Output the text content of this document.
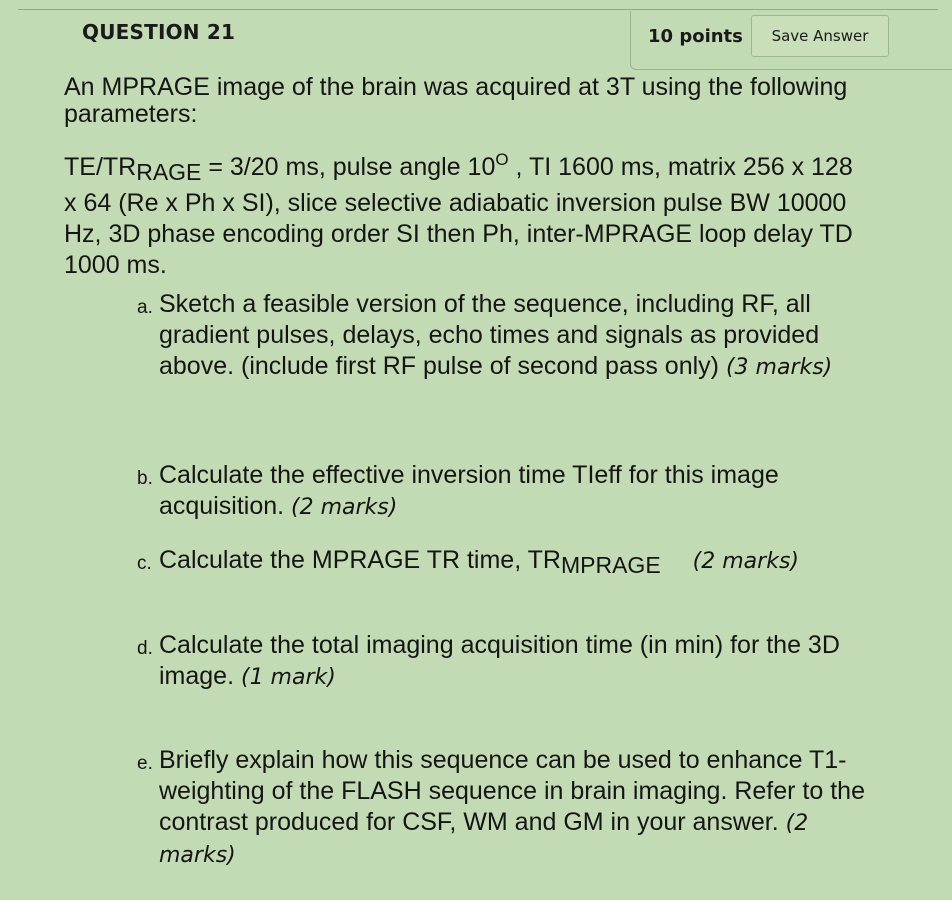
QUESTION 21	10 points	Save Answer
An MPRAGE image of the brain was acquired at 3T using the following parameters:
TE/TRRAGE = 3/20 ms, pulse angle $10^O$ , TI 1600 ms, matrix 256 x 128 x 64 (Re x Ph x SI), slice selective adiabatic inversion pulse BW 10000 Hz, 3D phase encoding order SI then Ph, inter-MPRAGE loop delay TD 1000 ms.
a. Sketch a feasible version of the sequence, including RF, all gradient pulses, delays, echo times and signals as provided above. (include first RF pulse of second pass only) (3 marks)
b. Calculate the effective inversion time TIeff for this image acquisition. (2 marks)
c. Calculate the MPRAGE TR time, TRMPRAGE (2 marks)
d. Calculate the total imaging acquisition time (in min) for the 3D image. (1 mark)
e. Briefly explain how this sequence can be used to enhance T1-weighting of the FLASH sequence in brain imaging. Refer to the contrast produced for CSF, WM and GM in your answer. (2 marks)
